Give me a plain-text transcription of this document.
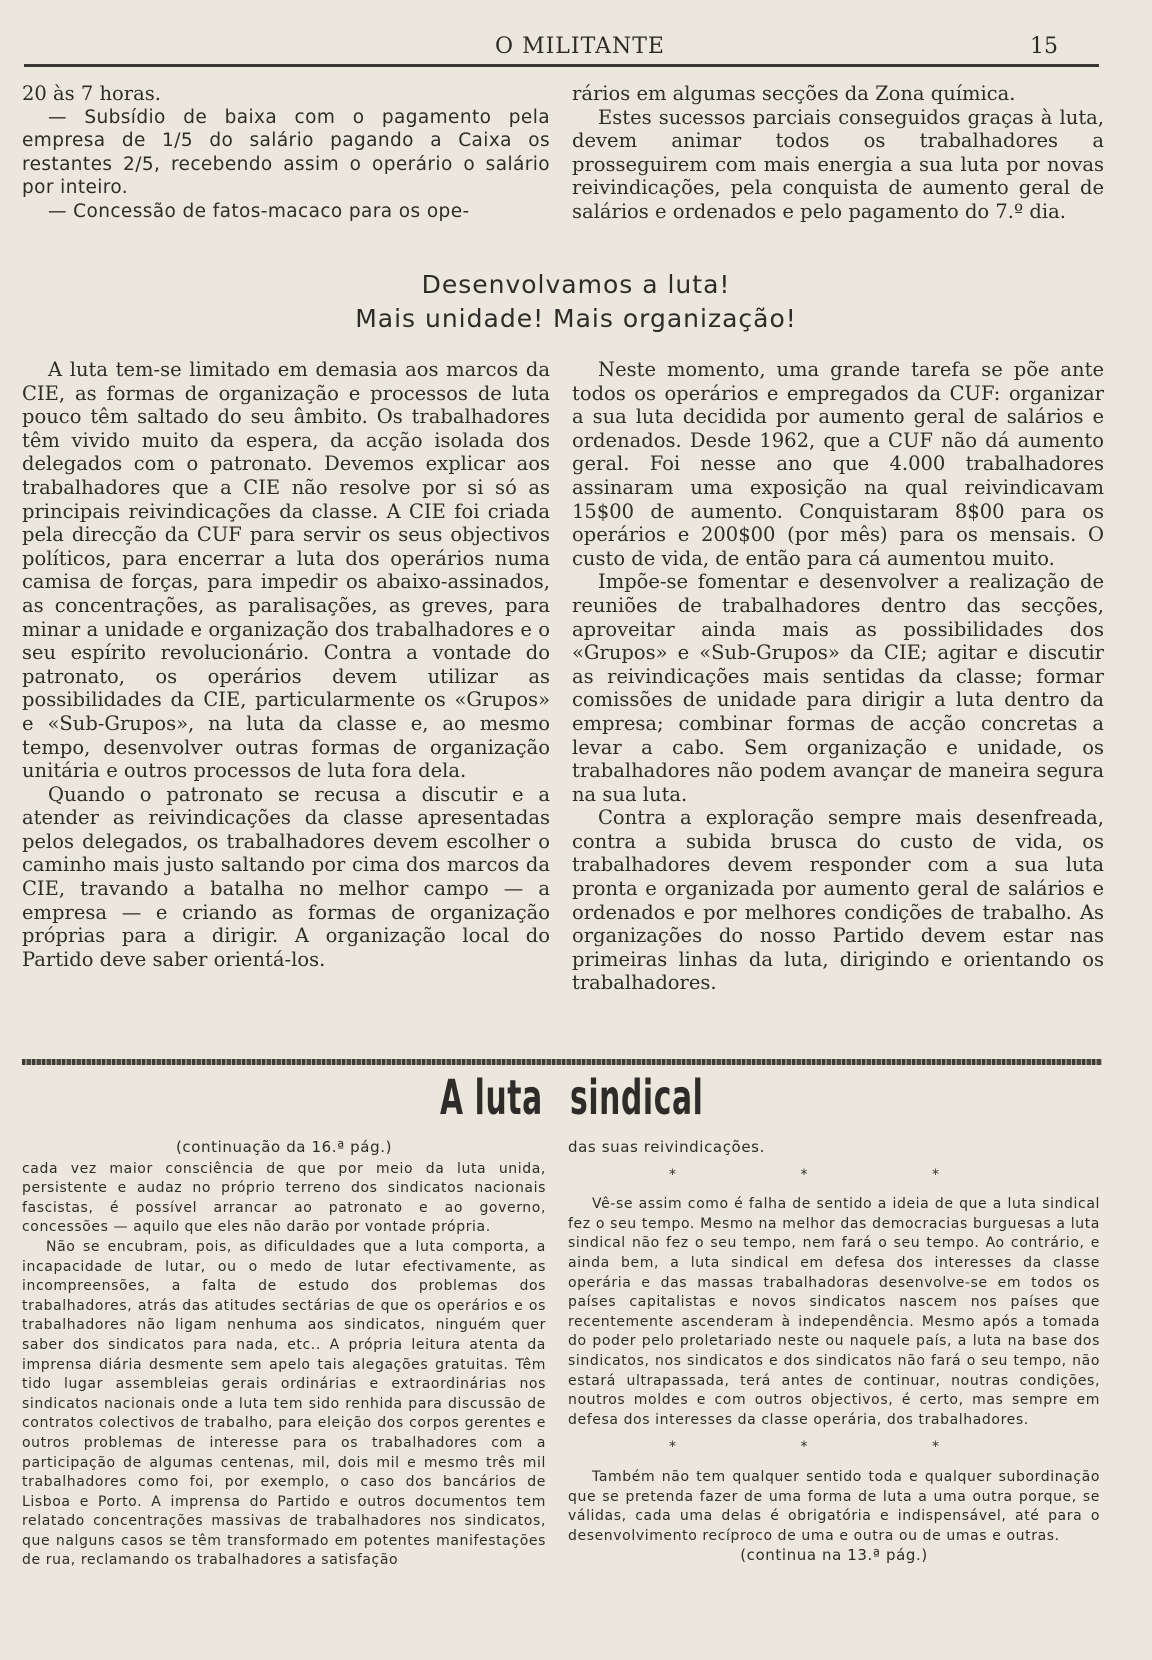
O MILITANTE	15

20 às 7 horas.

— Subsídio de baixa com o pagamento pela empresa de 1/5 do salário pagando a Caixa os restantes 2/5, recebendo assim o operário o salário por inteiro.

— Concessão de fatos-macaco para os ope-

rários em algumas secções da Zona química.

Estes sucessos parciais conseguidos graças à luta, devem animar todos os trabalhadores a prosseguirem com mais energia a sua luta por novas reivindicações, pela conquista de aumento geral de salários e ordenados e pelo pagamento do 7.º dia.

Desenvolvamos a luta!
Mais unidade! Mais organização!

A luta tem-se limitado em demasia aos marcos da CIE, as formas de organização e processos de luta pouco têm saltado do seu âmbito. Os trabalhadores têm vivido muito da espera, da acção isolada dos delegados com o patronato. Devemos explicar aos trabalhadores que a CIE não resolve por si só as principais reivindicações da classe. A CIE foi criada pela direcção da CUF para servir os seus objectivos políticos, para encerrar a luta dos operários numa camisa de forças, para impedir os abaixo-assinados, as concentrações, as paralisações, as greves, para minar a unidade e organização dos trabalhadores e o seu espírito revolucionário. Contra a vontade do patronato, os operários devem utilizar as possibilidades da CIE, particularmente os «Grupos» e «Sub-Grupos», na luta da classe e, ao mesmo tempo, desenvolver outras formas de organização unitária e outros processos de luta fora dela.

Quando o patronato se recusa a discutir e a atender as reivindicações da classe apresentadas pelos delegados, os trabalhadores devem escolher o caminho mais justo saltando por cima dos marcos da CIE, travando a batalha no melhor campo — a empresa — e criando as formas de organização próprias para a dirigir. A organização local do Partido deve saber orientá-los.

Neste momento, uma grande tarefa se põe ante todos os operários e empregados da CUF: organizar a sua luta decidida por aumento geral de salários e ordenados. Desde 1962, que a CUF não dá aumento geral. Foi nesse ano que 4.000 trabalhadores assinaram uma exposição na qual reivindicavam 15$00 de aumento. Conquistaram 8$00 para os operários e 200$00 (por mês) para os mensais. O custo de vida, de então para cá aumentou muito.

Impõe-se fomentar e desenvolver a realização de reuniões de trabalhadores dentro das secções, aproveitar ainda mais as possibilidades dos «Grupos» e «Sub-Grupos» da CIE; agitar e discutir as reivindicações mais sentidas da classe; formar comissões de unidade para dirigir a luta dentro da empresa; combinar formas de acção concretas a levar a cabo. Sem organização e unidade, os trabalhadores não podem avançar de maneira segura na sua luta.

Contra a exploração sempre mais desenfreada, contra a subida brusca do custo de vida, os trabalhadores devem responder com a sua luta pronta e organizada por aumento geral de salários e ordenados e por melhores condições de trabalho. As organizações do nosso Partido devem estar nas primeiras linhas da luta, dirigindo e orientando os trabalhadores.

A luta sindical

(continuação da 16.ª pág.)

cada vez maior consciência de que por meio da luta unida, persistente e audaz no próprio terreno dos sindicatos nacionais fascistas, é possível arrancar ao patronato e ao governo, concessões — aquilo que eles não darão por vontade própria.

Não se encubram, pois, as dificuldades que a luta comporta, a incapacidade de lutar, ou o medo de lutar efectivamente, as incompreensões, a falta de estudo dos problemas dos trabalhadores, atrás das atitudes sectárias de que os operários e os trabalhadores não ligam nenhuma aos sindicatos, ninguém quer saber dos sindicatos para nada, etc.. A própria leitura atenta da imprensa diária desmente sem apelo tais alegações gratuitas. Têm tido lugar assembleias gerais ordinárias e extraordinárias nos sindicatos nacionais onde a luta tem sido renhida para discussão de contratos colectivos de trabalho, para eleição dos corpos gerentes e outros problemas de interesse para os trabalhadores com a participação de algumas centenas, mil, dois mil e mesmo três mil trabalhadores como foi, por exemplo, o caso dos bancários de Lisboa e Porto. A imprensa do Partido e outros documentos tem relatado concentrações massivas de trabalhadores nos sindicatos, que nalguns casos se têm transformado em potentes manifestações de rua, reclamando os trabalhadores a satisfação

das suas reivindicações.

* * *

Vê-se assim como é falha de sentido a ideia de que a luta sindical fez o seu tempo. Mesmo na melhor das democracias burguesas a luta sindical não fez o seu tempo, nem fará o seu tempo. Ao contrário, e ainda bem, a luta sindical em defesa dos interesses da classe operária e das massas trabalhadoras desenvolve-se em todos os países capitalistas e novos sindicatos nascem nos países que recentemente ascenderam à independência. Mesmo após a tomada do poder pelo proletariado neste ou naquele país, a luta na base dos sindicatos, nos sindicatos e dos sindicatos não fará o seu tempo, não estará ultrapassada, terá antes de continuar, noutras condições, noutros moldes e com outros objectivos, é certo, mas sempre em defesa dos interesses da classe operária, dos trabalhadores.

* * *

Também não tem qualquer sentido toda e qualquer subordinação que se pretenda fazer de uma forma de luta a uma outra porque, se válidas, cada uma delas é obrigatória e indispensável, até para o desenvolvimento recíproco de uma e outra ou de umas e outras.

(continua na 13.ª pág.)
